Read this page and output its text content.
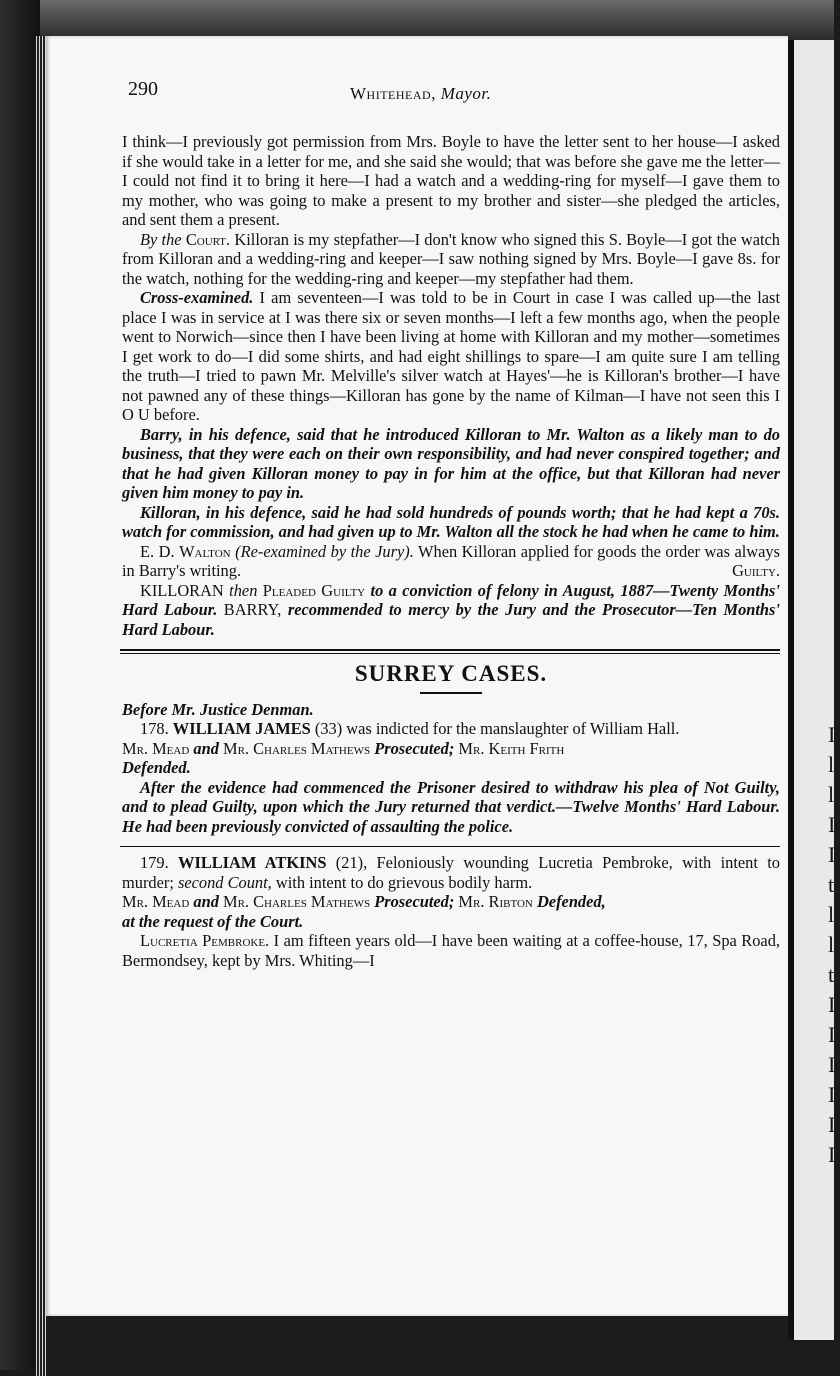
I
l
l
I
I
t
l
l
t
I
I
I
I
I
I
290	Whitehead, Mayor.

I think—I previously got permission from Mrs. Boyle to have the letter sent to her house—I asked if she would take in a letter for me, and she said she would; that was before she gave me the letter—I could not find it to bring it here—I had a watch and a wedding-ring for myself—I gave them to my mother, who was going to make a present to my brother and sister—she pledged the articles, and sent them a present.

By the Court. Killoran is my stepfather—I don't know who signed this S. Boyle—I got the watch from Killoran and a wedding-ring and keeper—I saw nothing signed by Mrs. Boyle—I gave 8s. for the watch, nothing for the wedding-ring and keeper—my stepfather had them.

Cross-examined. I am seventeen—I was told to be in Court in case I was called up—the last place I was in service at I was there six or seven months—I left a few months ago, when the people went to Norwich—since then I have been living at home with Killoran and my mother—sometimes I get work to do—I did some shirts, and had eight shillings to spare—I am quite sure I am telling the truth—I tried to pawn Mr. Melville's silver watch at Hayes'—he is Killoran's brother—I have not pawned any of these things—Killoran has gone by the name of Kilman—I have not seen this I O U before.

Barry, in his defence, said that he introduced Killoran to Mr. Walton as a likely man to do business, that they were each on their own responsibility, and had never conspired together; and that he had given Killoran money to pay in for him at the office, but that Killoran had never given him money to pay in.

Killoran, in his defence, said he had sold hundreds of pounds worth; that he had kept a 70s. watch for commission, and had given up to Mr. Walton all the stock he had when he came to him.

E. D. Walton (Re-examined by the Jury). When Killoran applied for goods the order was always in Barry's writing.	Guilty.

KILLORAN then Pleaded Guilty to a conviction of felony in August, 1887—Twenty Months' Hard Labour. BARRY, recommended to mercy by the Jury and the Prosecutor—Ten Months' Hard Labour.

SURREY CASES.

Before Mr. Justice Denman.

178. WILLIAM JAMES (33) was indicted for the manslaughter of William Hall.

Mr. Mead and Mr. Charles Mathews Prosecuted; Mr. Keith Frith

Defended.

After the evidence had commenced the Prisoner desired to withdraw his plea of Not Guilty, and to plead Guilty, upon which the Jury returned that verdict.—Twelve Months' Hard Labour. He had been previously convicted of assaulting the police.

179. WILLIAM ATKINS (21), Feloniously wounding Lucretia Pembroke, with intent to murder; second Count, with intent to do grievous bodily harm.

Mr. Mead and Mr. Charles Mathews Prosecuted; Mr. Ribton Defended,

at the request of the Court.

Lucretia Pembroke. I am fifteen years old—I have been waiting at a coffee-house, 17, Spa Road, Bermondsey, kept by Mrs. Whiting—I
